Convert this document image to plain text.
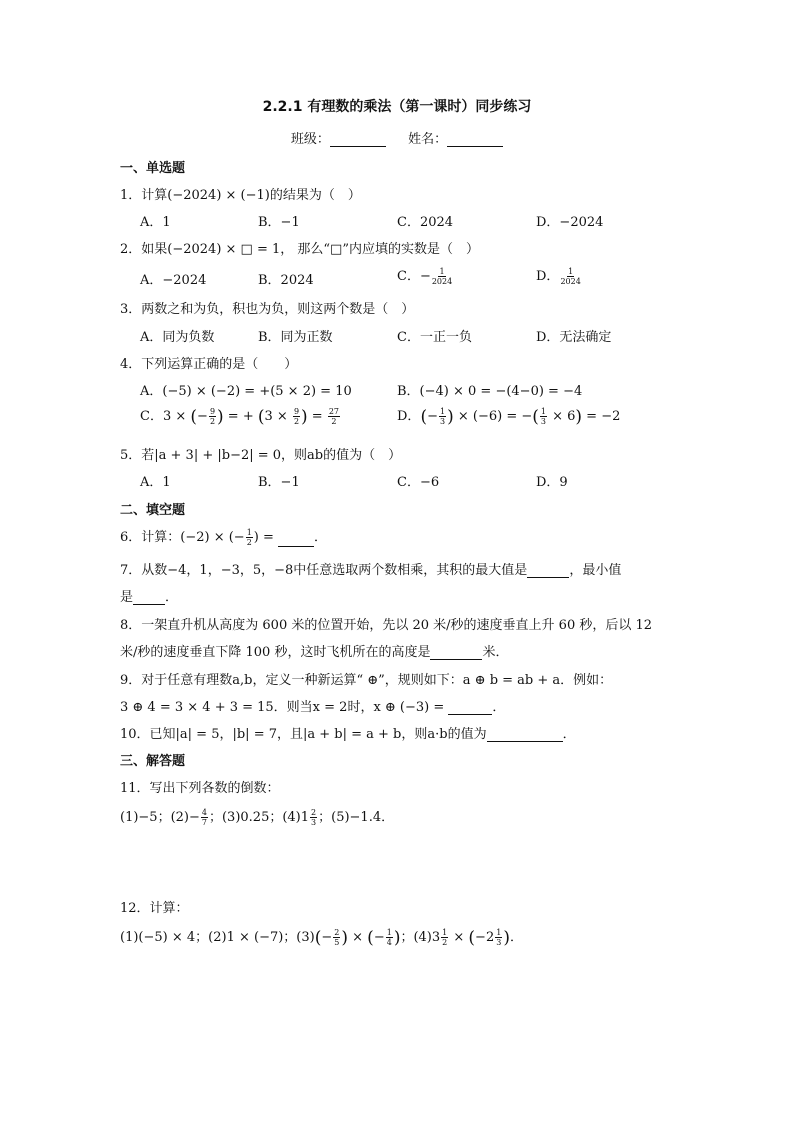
2.2.1 有理数的乘法（第一课时）同步练习
班级：	姓名：
一、单选题
1．计算(−2024) × (−1)的结果为（　）
A．1	B．−1	C．2024	D．−2024
2．如果(−2024) × □ = 1， 那么“□”内应填的实数是（　）
A．−2024	B．2024	C．− $\frac{1}{2024}$	D． $\frac{1}{2024}$
3．两数之和为负，积也为负，则这两个数是（　）
A．同为负数	B．同为正数	C．一正一负	D．无法确定
4．下列运算正确的是（　　）
A．(−5) × (−2) = +(5 × 2) = 10	B．(−4) × 0 = −(4−0) = −4
C．3 × (− $\frac{9}{2}$ ) = + ($3 \times \frac{9}{2}$ ) = $\frac{27}{2}$	D．(− $\frac{1}{3}$ ) × (−6) = −( $\frac{1}{3} \times 6) = -2$
5．若|a + 3| + |b−2| = 0，则ab的值为（　）
A．1	B．−1	C．−6	D．9
二、填空题
6．计算：(−2) × (− $\frac{1}{2}$ ) =	．
7．从数−4，1，−3，5，−8中任意选取两个数相乘，其积的最大值是	，最小值
是 ．
8．一架直升机从高度为 600 米的位置开始，先以 20 米/秒的速度垂直上升 60 秒，后以 12
米/秒的速度垂直下降 100 秒，这时飞机所在的高度是	米．
9．对于任意有理数a,b，定义一种新运算“ ⊕”，规则如下：a ⊕ b = ab + a．例如：
3 ⊕ 4 = 3 × 4 + 3 = 15．则当x = 2时，x ⊕ (−3) =	．
10．已知|a| = 5，|b| = 7，且|a + b| = a + b，则a·b的值为	．
三、解答题
11．写出下列各数的倒数：
(1)−5；$(2)- \frac{4}{7}$ ；(3)0.25；$(4)1 \frac{2}{3}$ ；(5)−1.4．
12．计算：
(1)(−5) × 4；(2)1 × (−7)；$(3)(- \frac{2}{5}$ ) × (− $\frac{1}{4}$ )；$(4)3 \frac{1}{2} \times (-2 \frac{1}{3}$ )．
